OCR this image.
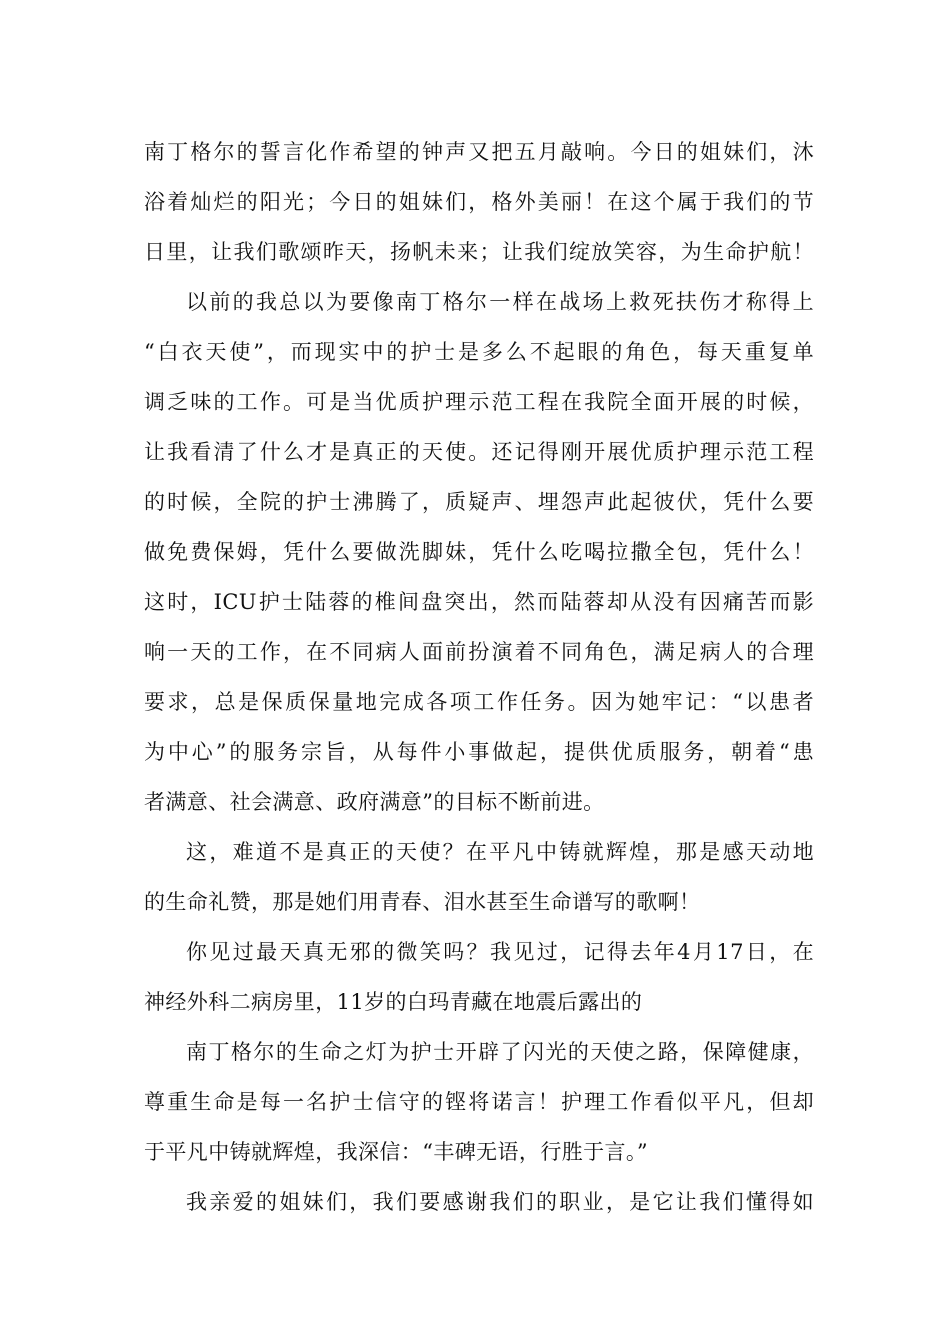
南丁格尔的誓言化作希望的钟声又把五月敲响。今日的姐妹们，沐
浴着灿烂的阳光；今日的姐妹们，格外美丽！在这个属于我们的节
日里，让我们歌颂昨天，扬帆未来；让我们绽放笑容，为生命护航！
以前的我总以为要像南丁格尔一样在战场上救死扶伤才称得上
“白衣天使”，而现实中的护士是多么不起眼的角色，每天重复单
调乏味的工作。可是当优质护理示范工程在我院全面开展的时候，
让我看清了什么才是真正的天使。还记得刚开展优质护理示范工程
的时候，全院的护士沸腾了，质疑声、埋怨声此起彼伏，凭什么要
做免费保姆，凭什么要做洗脚妹，凭什么吃喝拉撒全包，凭什么！
这时，ICU护士陆蓉的椎间盘突出，然而陆蓉却从没有因痛苦而影
响一天的工作，在不同病人面前扮演着不同角色，满足病人的合理
要求，总是保质保量地完成各项工作任务。因为她牢记：“以患者
为中心”的服务宗旨，从每件小事做起，提供优质服务，朝着“患
者满意、社会满意、政府满意”的目标不断前进。
这，难道不是真正的天使？在平凡中铸就辉煌，那是感天动地
的生命礼赞，那是她们用青春、泪水甚至生命谱写的歌啊！
你见过最天真无邪的微笑吗？我见过，记得去年4月17日，在
神经外科二病房里，11岁的白玛青藏在地震后露出的
南丁格尔的生命之灯为护士开辟了闪光的天使之路，保障健康，
尊重生命是每一名护士信守的铿将诺言！护理工作看似平凡，但却
于平凡中铸就辉煌，我深信：“丰碑无语，行胜于言。”
我亲爱的姐妹们，我们要感谢我们的职业，是它让我们懂得如
